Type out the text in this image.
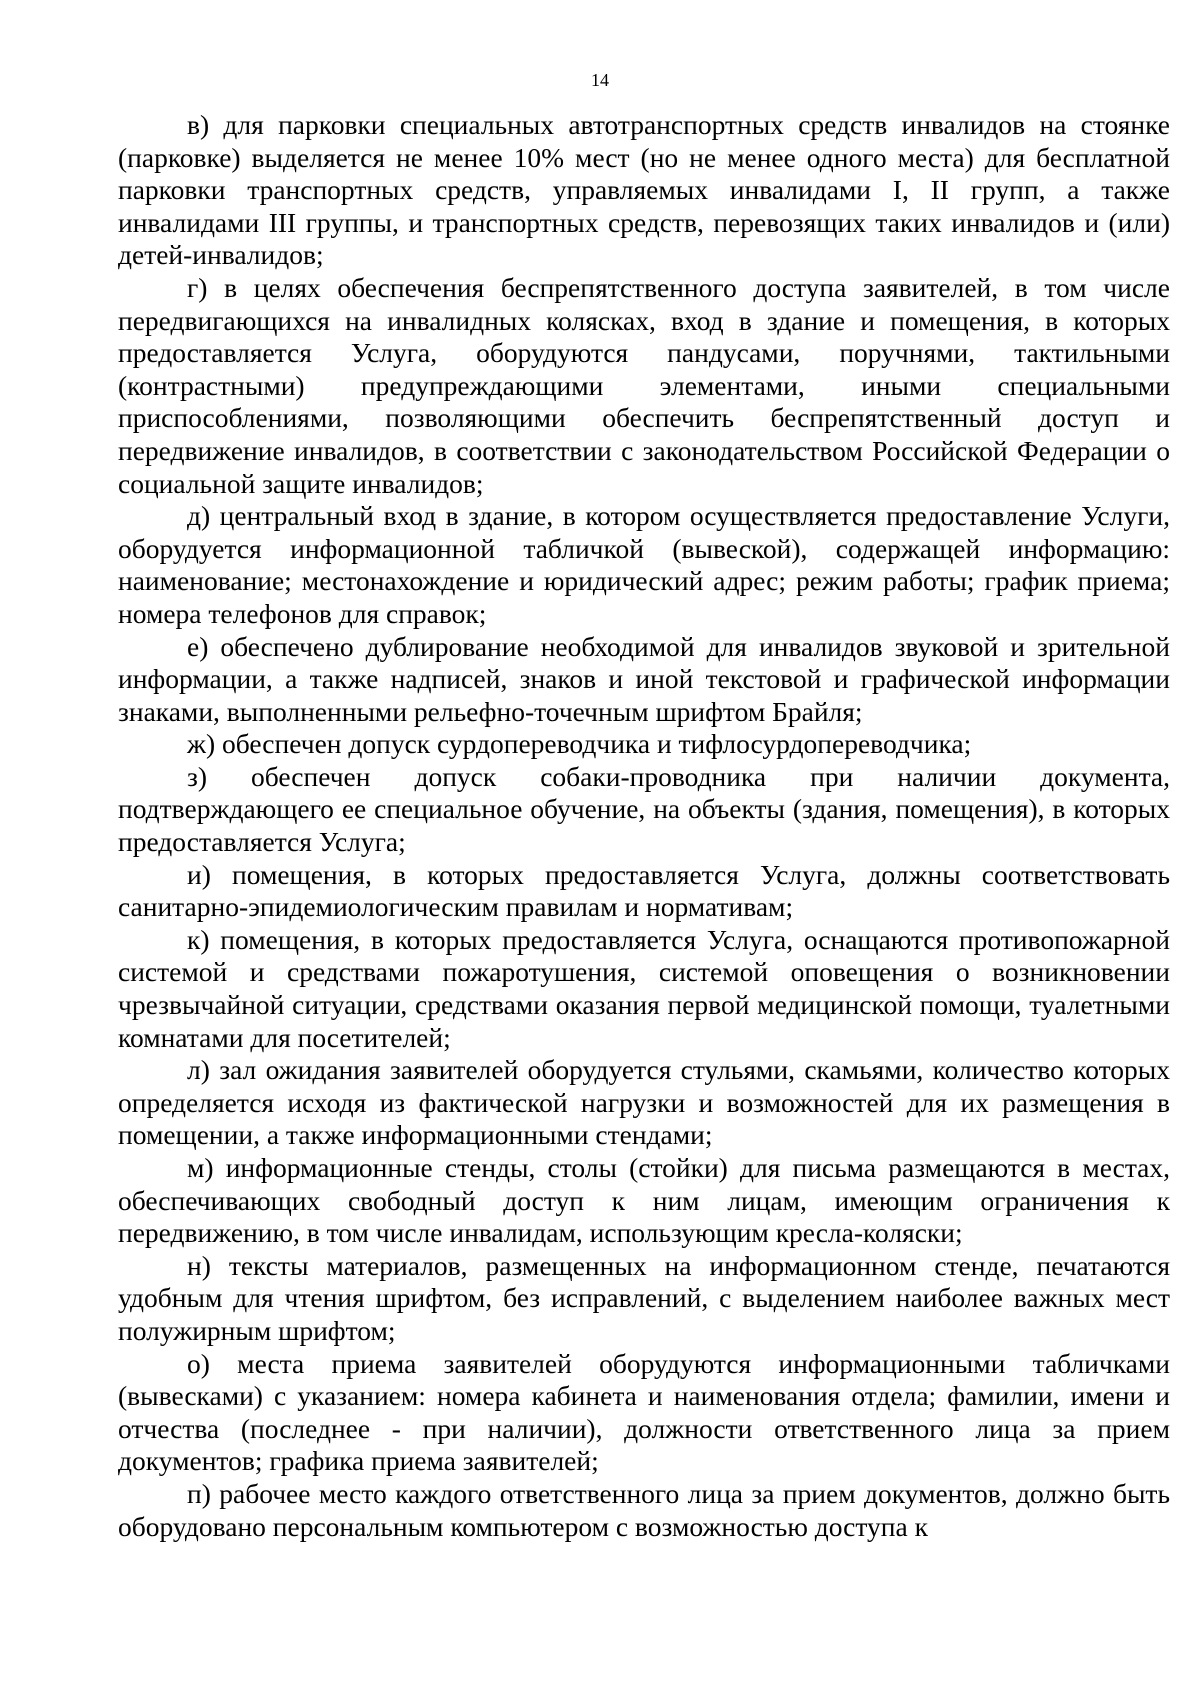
14

в) для парковки специальных автотранспортных средств инвалидов на стоянке (парковке) выделяется не менее 10% мест (но не менее одного места) для бесплатной парковки транспортных средств, управляемых инвалидами I, II групп, а также инвалидами III группы, и транспортных средств, перевозящих таких инвалидов и (или) детей-инвалидов;

г) в целях обеспечения беспрепятственного доступа заявителей, в том числе передвигающихся на инвалидных колясках, вход в здание и помещения, в которых предоставляется Услуга, оборудуются пандусами, поручнями, тактильными (контрастными) предупреждающими элементами, иными специальными приспособлениями, позволяющими обеспечить беспрепятственный доступ и передвижение инвалидов, в соответствии с законодательством Российской Федерации о социальной защите инвалидов;

д) центральный вход в здание, в котором осуществляется предоставление Услуги, оборудуется информационной табличкой (вывеской), содержащей информацию: наименование; местонахождение и юридический адрес; режим работы; график приема; номера телефонов для справок;

е) обеспечено дублирование необходимой для инвалидов звуковой и зрительной информации, а также надписей, знаков и иной текстовой и графической информации знаками, выполненными рельефно-точечным шрифтом Брайля;

ж) обеспечен допуск сурдопереводчика и тифлосурдопереводчика;

з) обеспечен допуск собаки-проводника при наличии документа, подтверждающего ее специальное обучение, на объекты (здания, помещения), в которых предоставляется Услуга;

и) помещения, в которых предоставляется Услуга, должны соответствовать санитарно-эпидемиологическим правилам и нормативам;

к) помещения, в которых предоставляется Услуга, оснащаются противопожарной системой и средствами пожаротушения, системой оповещения о возникновении чрезвычайной ситуации, средствами оказания первой медицинской помощи, туалетными комнатами для посетителей;

л) зал ожидания заявителей оборудуется стульями, скамьями, количество которых определяется исходя из фактической нагрузки и возможностей для их размещения в помещении, а также информационными стендами;

м) информационные стенды, столы (стойки) для письма размещаются в местах, обеспечивающих свободный доступ к ним лицам, имеющим ограничения к передвижению, в том числе инвалидам, использующим кресла-коляски;

н) тексты материалов, размещенных на информационном стенде, печатаются удобным для чтения шрифтом, без исправлений, с выделением наиболее важных мест полужирным шрифтом;

о) места приема заявителей оборудуются информационными табличками (вывесками) с указанием: номера кабинета и наименования отдела; фамилии, имени и отчества (последнее - при наличии), должности ответственного лица за прием документов; графика приема заявителей;

п) рабочее место каждого ответственного лица за прием документов, должно быть оборудовано персональным компьютером с возможностью доступа к
